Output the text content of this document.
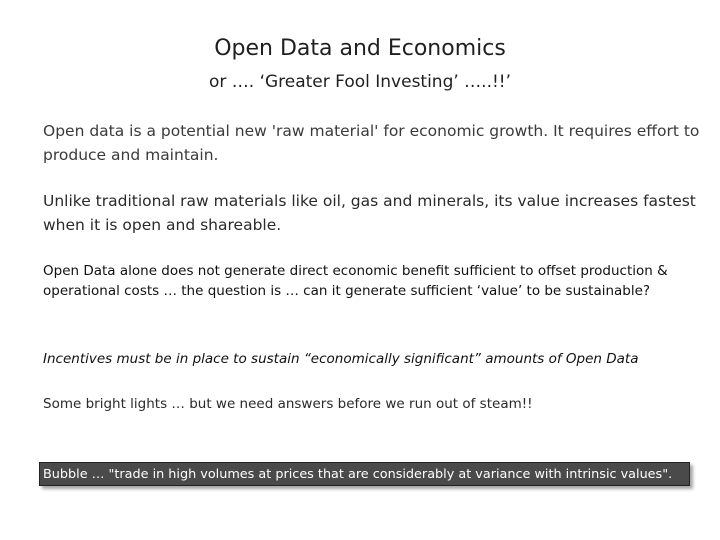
Open Data and Economics
or …. ‘Greater Fool Investing’ …..!!’

Open data is a potential new 'raw material' for economic growth. It requires effort to produce and maintain.

Unlike traditional raw materials like oil, gas and minerals, its value increases fastest when it is open and shareable.

Open Data alone does not generate direct economic benefit sufficient to offset production & operational costs … the question is … can it generate sufficient ‘value’ to be sustainable?

Incentives must be in place to sustain “economically significant” amounts of Open Data

Some bright lights … but we need answers before we run out of steam!!

Bubble … "trade in high volumes at prices that are considerably at variance with intrinsic values".
